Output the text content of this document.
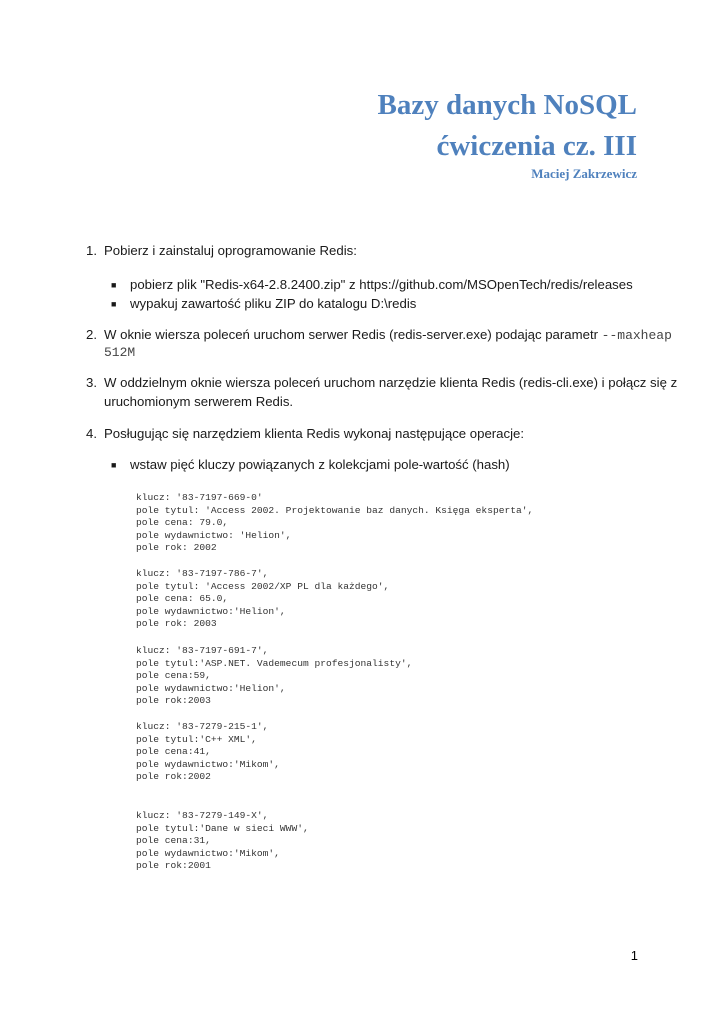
Bazy danych NoSQL
ćwiczenia cz. III
Maciej Zakrzewicz
1. Pobierz i zainstaluj oprogramowanie Redis:
■ pobierz plik "Redis-x64-2.8.2400.zip" z https://github.com/MSOpenTech/redis/releases
■ wypakuj zawartość pliku ZIP do katalogu D:\redis
2. W oknie wiersza poleceń uruchom serwer Redis (redis-server.exe) podając parametr --maxheap
512M
3. W oddzielnym oknie wiersza poleceń uruchom narzędzie klienta Redis (redis-cli.exe) i połącz się z
uruchomionym serwerem Redis.
4. Posługując się narzędziem klienta Redis wykonaj następujące operacje:
■ wstaw pięć kluczy powiązanych z kolekcjami pole-wartość (hash)
klucz: '83-7197-669-0'
pole tytul: 'Access 2002. Projektowanie baz danych. Księga eksperta',
pole cena: 79.0,
pole wydawnictwo: 'Helion',
pole rok: 2002
klucz: '83-7197-786-7',
pole tytul: 'Access 2002/XP PL dla każdego',
pole cena: 65.0,
pole wydawnictwo:'Helion',
pole rok: 2003
klucz: '83-7197-691-7',
pole tytul:'ASP.NET. Vademecum profesjonalisty',
pole cena:59,
pole wydawnictwo:'Helion',
pole rok:2003
klucz: '83-7279-215-1',
pole tytul:'C++ XML',
pole cena:41,
pole wydawnictwo:'Mikom',
pole rok:2002
klucz: '83-7279-149-X',
pole tytul:'Dane w sieci WWW',
pole cena:31,
pole wydawnictwo:'Mikom',
pole rok:2001
1
